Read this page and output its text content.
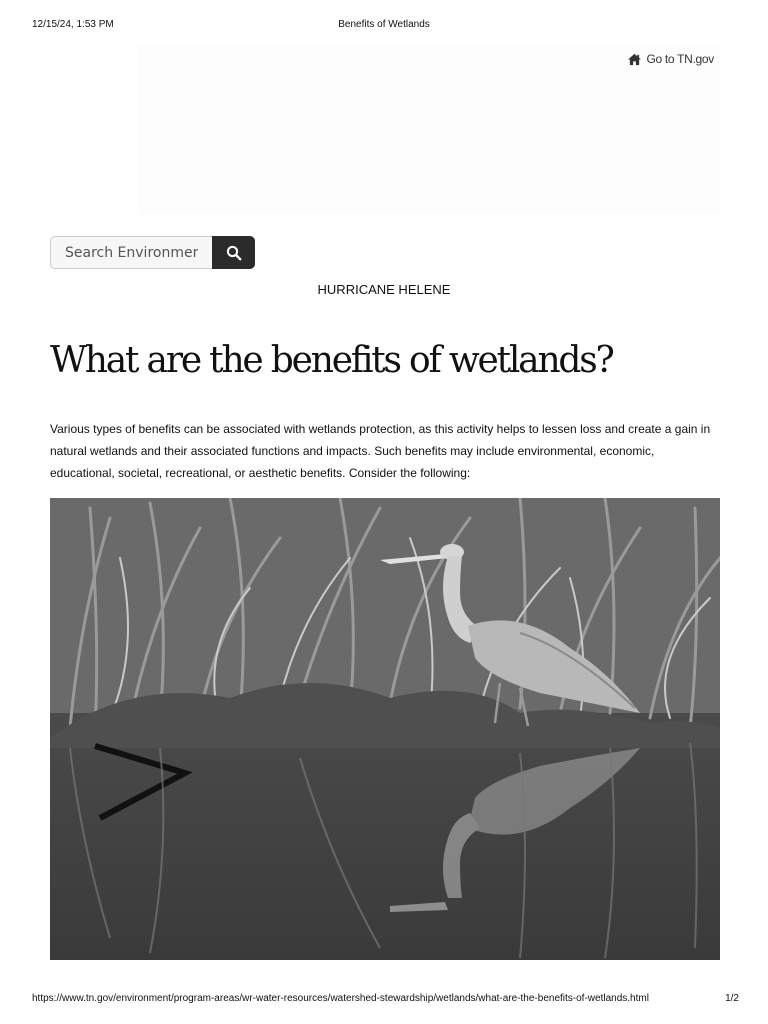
12/15/24, 1:53 PM	Benefits of Wetlands
Go to TN.gov
Search Environment
HURRICANE HELENE
What are the benefits of wetlands?

Various types of benefits can be associated with wetlands protection, as this activity helps to lessen loss and create a gain in natural wetlands and their associated functions and impacts. Such benefits may include environmental, economic, educational, societal, recreational, or aesthetic benefits. Consider the following:

https://www.tn.gov/environment/program-areas/wr-water-resources/watershed-stewardship/wetlands/what-are-the-benefits-of-wetlands.html	1/2
